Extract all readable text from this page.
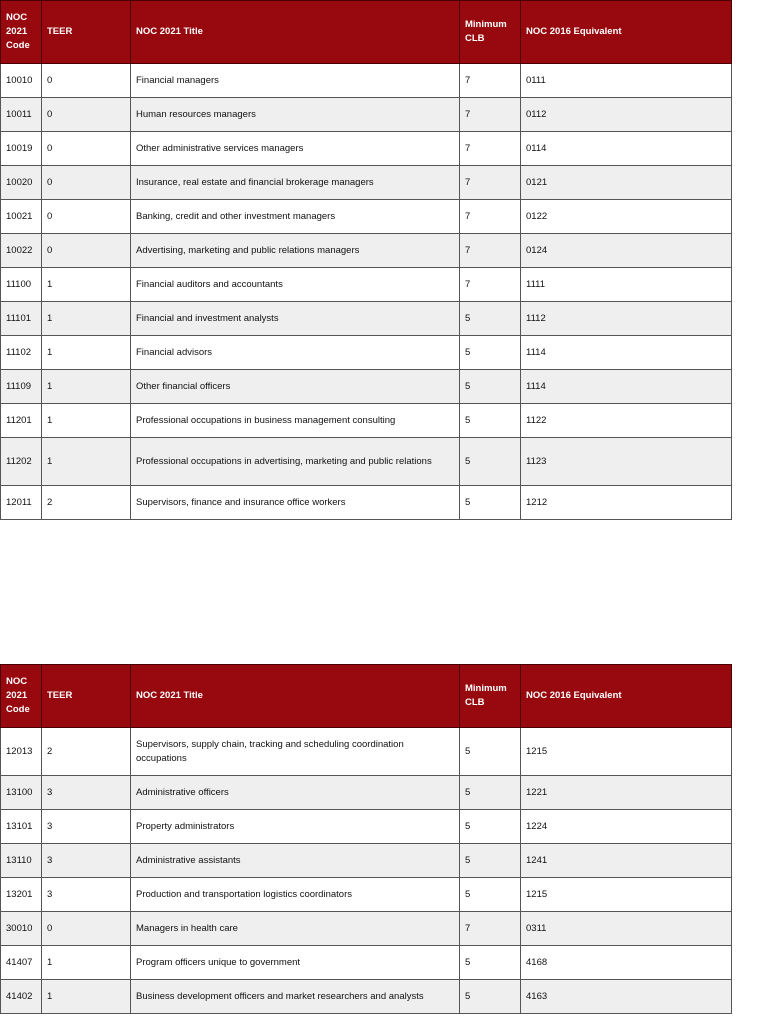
NOC 2021 Code	TEER	NOC 2021 Title	Minimum CLB	NOC 2016 Equivalent
10010	0	Financial managers	7	0111
10011	0	Human resources managers	7	0112
10019	0	Other administrative services managers	7	0114
10020	0	Insurance, real estate and financial brokerage managers	7	0121
10021	0	Banking, credit and other investment managers	7	0122
10022	0	Advertising, marketing and public relations managers	7	0124
11100	1	Financial auditors and accountants	7	1111
11101	1	Financial and investment analysts	5	1112
11102	1	Financial advisors	5	1114
11109	1	Other financial officers	5	1114
11201	1	Professional occupations in business management consulting	5	1122
11202	1	Professional occupations in advertising, marketing and public relations	5	1123
12011	2	Supervisors, finance and insurance office workers	5	1212
NOC 2021 Code	TEER	NOC 2021 Title	Minimum CLB	NOC 2016 Equivalent
12013	2	Supervisors, supply chain, tracking and scheduling coordination occupations	5	1215
13100	3	Administrative officers	5	1221
13101	3	Property administrators	5	1224
13110	3	Administrative assistants	5	1241
13201	3	Production and transportation logistics coordinators	5	1215
30010	0	Managers in health care	7	0311
41407	1	Program officers unique to government	5	4168
41402	1	Business development officers and market researchers and analysts	5	4163
